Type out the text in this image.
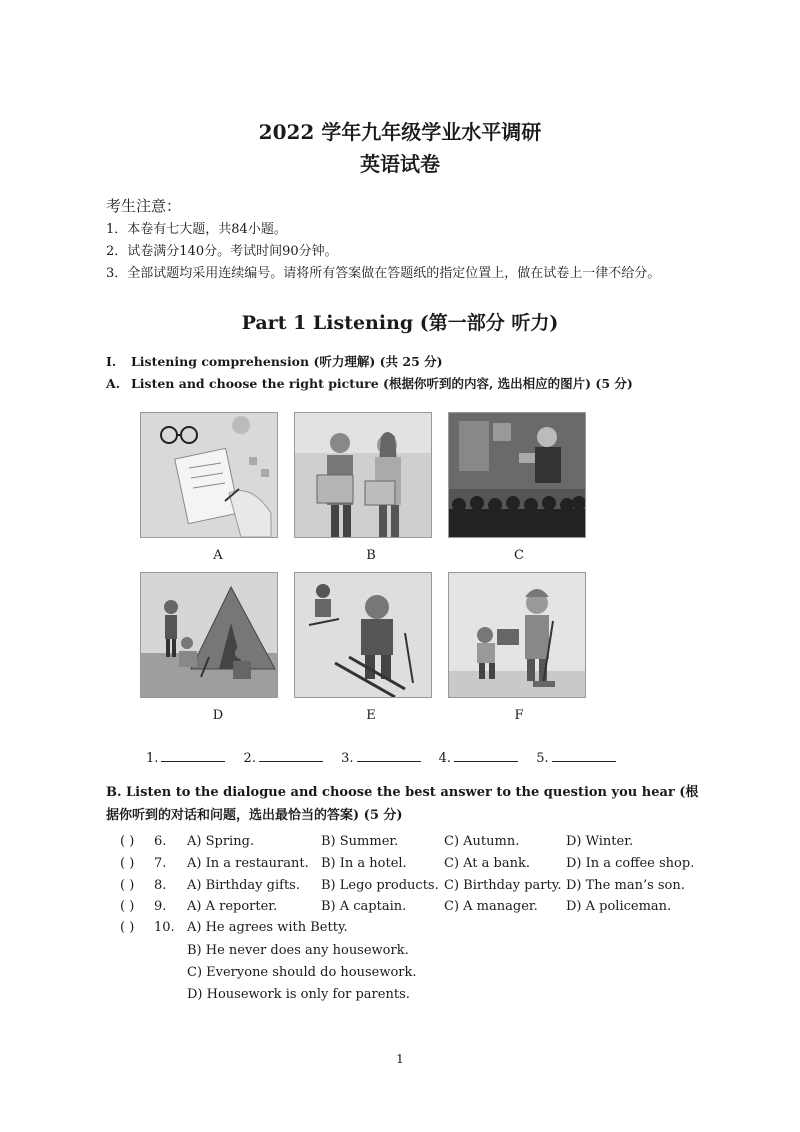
2022 学年九年级学业水平调研
英语试卷
考生注意：
1．本卷有七大题，共84小题。
2．试卷满分140分。考试时间90分钟。
3．全部试题均采用连续编号。请将所有答案做在答题纸的指定位置上，做在试卷上一律不给分。
Part 1 Listening (第一部分 听力)
I. Listening comprehension (听力理解) (共 25 分)
A. Listen and choose the right picture (根据你听到的内容, 选出相应的图片) (5 分)
A	B	C
D	E	F
1.	2.	3.	4.	5.
B. Listen to the dialogue and choose the best answer to the question you hear (根据你听到的对话和问题，选出最恰当的答案) (5 分)
( ) 6. A) Spring.	B) Summer.	C) Autumn.	D) Winter.
( ) 7. A) In a restaurant. B) In a hotel.	C) At a bank.	D) In a coffee shop.
( ) 8. A) Birthday gifts. B) Lego products. C) Birthday party. D) The man’s son.
( ) 9. A) A reporter.	B) A captain.	C) A manager. D) A policeman.
( ) 10. A) He agrees with Betty.
B) He never does any housework.
C) Everyone should do housework.
D) Housework is only for parents.
1
